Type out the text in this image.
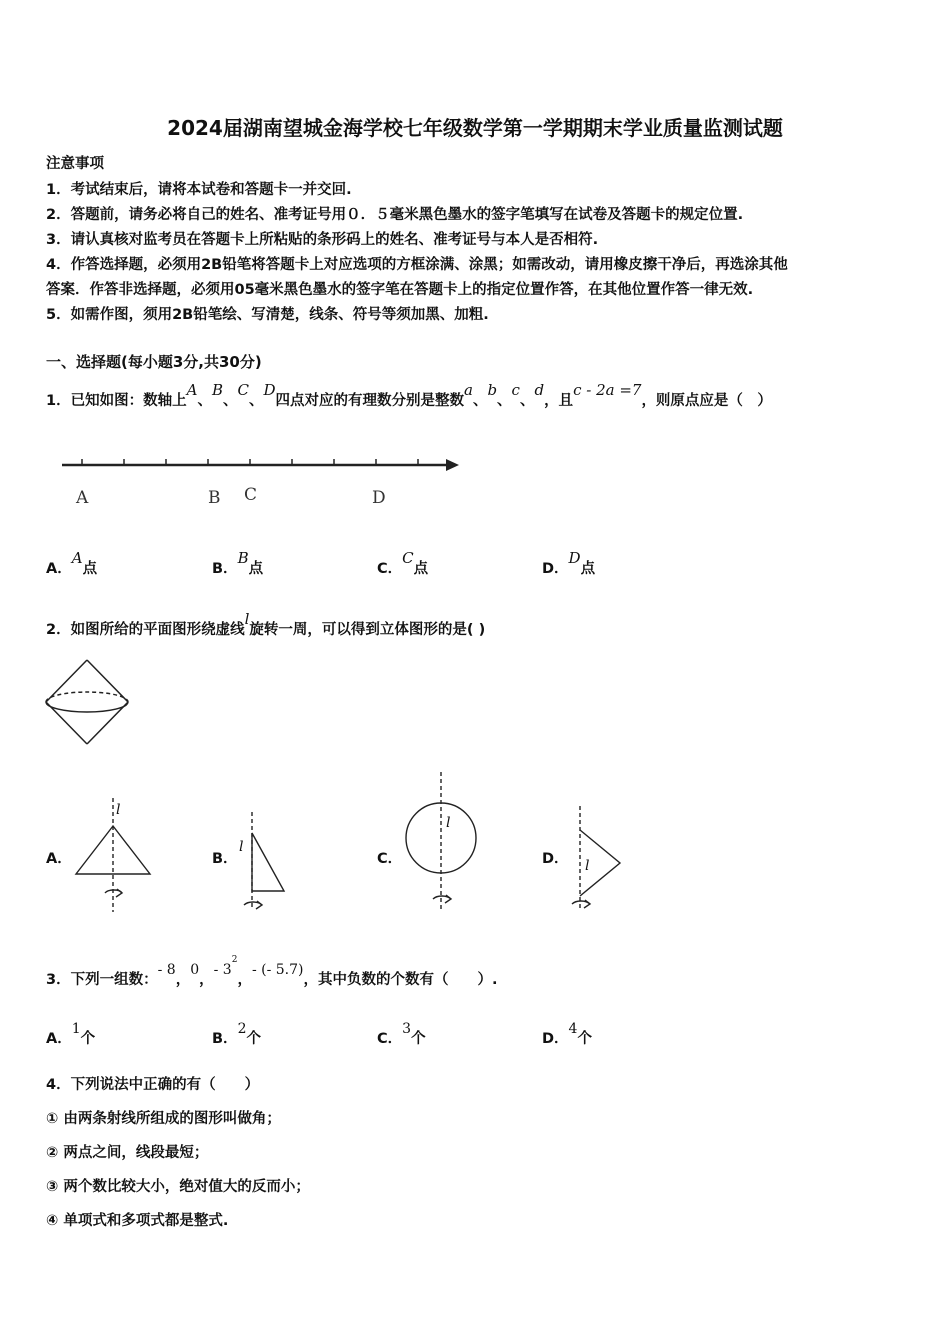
2024届湖南望城金海学校七年级数学第一学期期末学业质量监测试题
注意事项
1．考试结束后，请将本试卷和答题卡一并交回.
2．答题前，请务必将自己的姓名、准考证号用０．５毫米黑色墨水的签字笔填写在试卷及答题卡的规定位置.
3．请认真核对监考员在答题卡上所粘贴的条形码上的姓名、准考证号与本人是否相符.
4．作答选择题，必须用2B铅笔将答题卡上对应选项的方框涂满、涂黑；如需改动，请用橡皮擦干净后，再选涂其他
答案．作答非选择题，必须用05毫米黑色墨水的签字笔在答题卡上的指定位置作答，在其他位置作答一律无效.
5．如需作图，须用2B铅笔绘、写清楚，线条、符号等须加黑、加粗.
一、选择题(每小题3分,共30分)
1．已知如图：数轴上A、B、C、D四点对应的有理数分别是整数a、b、c、d，且c - 2a =7，则原点应是（　）
A	B C	D
A．A点	B．B点	C．C点	D．D点
2．如图所给的平面图形绕虚线l旋转一周，可以得到立体图形的是( )
l
l
l
l
A．	B．	C．	D．
3．下列一组数：- 8，0，- $3^2$，- (- 5.7)，其中负数的个数有（　　）.
A．1个	B．2个	C．3个	D．4个
4．下列说法中正确的有（　　）
① 由两条射线所组成的图形叫做角；
② 两点之间，线段最短；
③ 两个数比较大小，绝对值大的反而小；
④ 单项式和多项式都是整式.
